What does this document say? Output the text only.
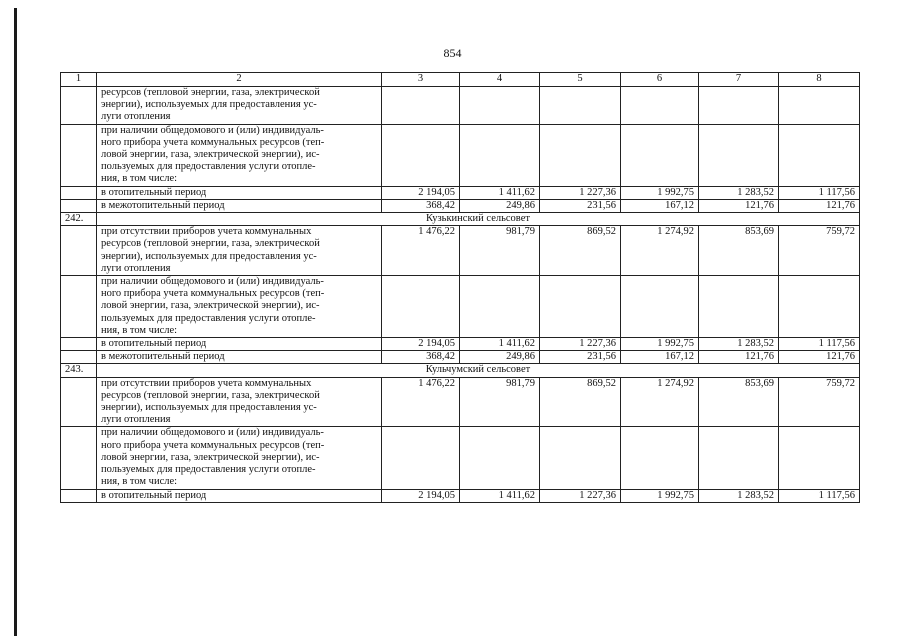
854
1	2	3	4	5	6	7	8

	ресурсов (тепловой энергии, газа, электрической
энергии), используемых для предоставления ус-
луги отопления						

	при наличии общедомового и (или) индивидуаль-
ного прибора учета коммунальных ресурсов (теп-
ловой энергии, газа, электрической энергии), ис-
пользуемых для предоставления услуги отопле-
ния, в том числе:						

	в отопительный период	2 194,05	1 411,62	1 227,36	1 992,75	1 283,52	1 117,56
	в межотопительный период	368,42	249,86	231,56	167,12	121,76	121,76
242.	Кузькинский сельсовет						

	при отсутствии приборов учета коммунальных
ресурсов (тепловой энергии, газа, электрической
энергии), используемых для предоставления ус-
луги отопления	1 476,22	981,79	869,52	1 274,92	853,69	759,72

	при наличии общедомового и (или) индивидуаль-
ного прибора учета коммунальных ресурсов (теп-
ловой энергии, газа, электрической энергии), ис-
пользуемых для предоставления услуги отопле-
ния, в том числе:						

	в отопительный период	2 194,05	1 411,62	1 227,36	1 992,75	1 283,52	1 117,56
	в межотопительный период	368,42	249,86	231,56	167,12	121,76	121,76
243.	Кульчумский сельсовет						

	при отсутствии приборов учета коммунальных
ресурсов (тепловой энергии, газа, электрической
энергии), используемых для предоставления ус-
луги отопления	1 476,22	981,79	869,52	1 274,92	853,69	759,72

	при наличии общедомового и (или) индивидуаль-
ного прибора учета коммунальных ресурсов (теп-
ловой энергии, газа, электрической энергии), ис-
пользуемых для предоставления услуги отопле-
ния, в том числе:						

	в отопительный период	2 194,05	1 411,62	1 227,36	1 992,75	1 283,52	1 117,56
